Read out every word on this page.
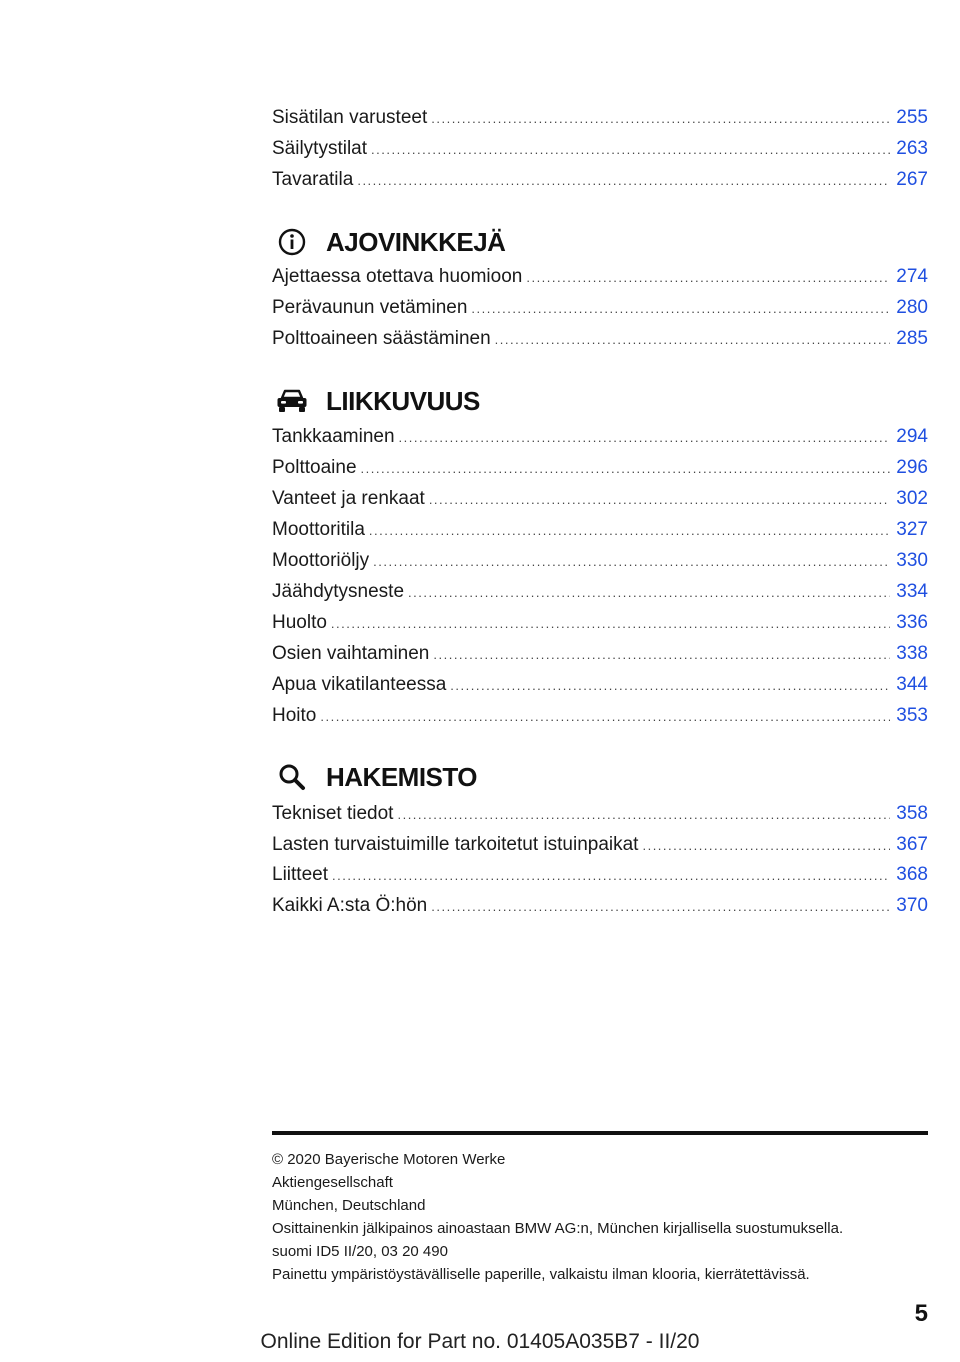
Sisätilan varusteet .....	255
Säilytystilat .....	263
Tavaratila .....	267
AJOVINKKEJÄ
Ajettaessa otettava huomioon .....	274
Perävaunun vetäminen .....	280
Polttoaineen säästäminen .....	285
LIIKKUVUUS
Tankkaaminen .....	294
Polttoaine .....	296
Vanteet ja renkaat .....	302
Moottoritila .....	327
Moottoriöljy .....	330
Jäähdytysneste .....	334
Huolto .....	336
Osien vaihtaminen .....	338
Apua vikatilanteessa .....	344
Hoito .....	353
HAKEMISTO
Tekniset tiedot .....	358
Lasten turvaistuimille tarkoitetut istuinpaikat .....	367
Liitteet .....	368
Kaikki A:sta Ö:hön .....	370
© 2020 Bayerische Motoren Werke
Aktiengesellschaft
München, Deutschland
Osittainenkin jälkipainos ainoastaan BMW AG:n, München kirjallisella suostumuksella.
suomi ID5 II/20, 03 20 490
Painettu ympäristöystävälliselle paperille, valkaistu ilman klooria, kierrätettävissä.
5
Online Edition for Part no. 01405A035B7 - II/20
